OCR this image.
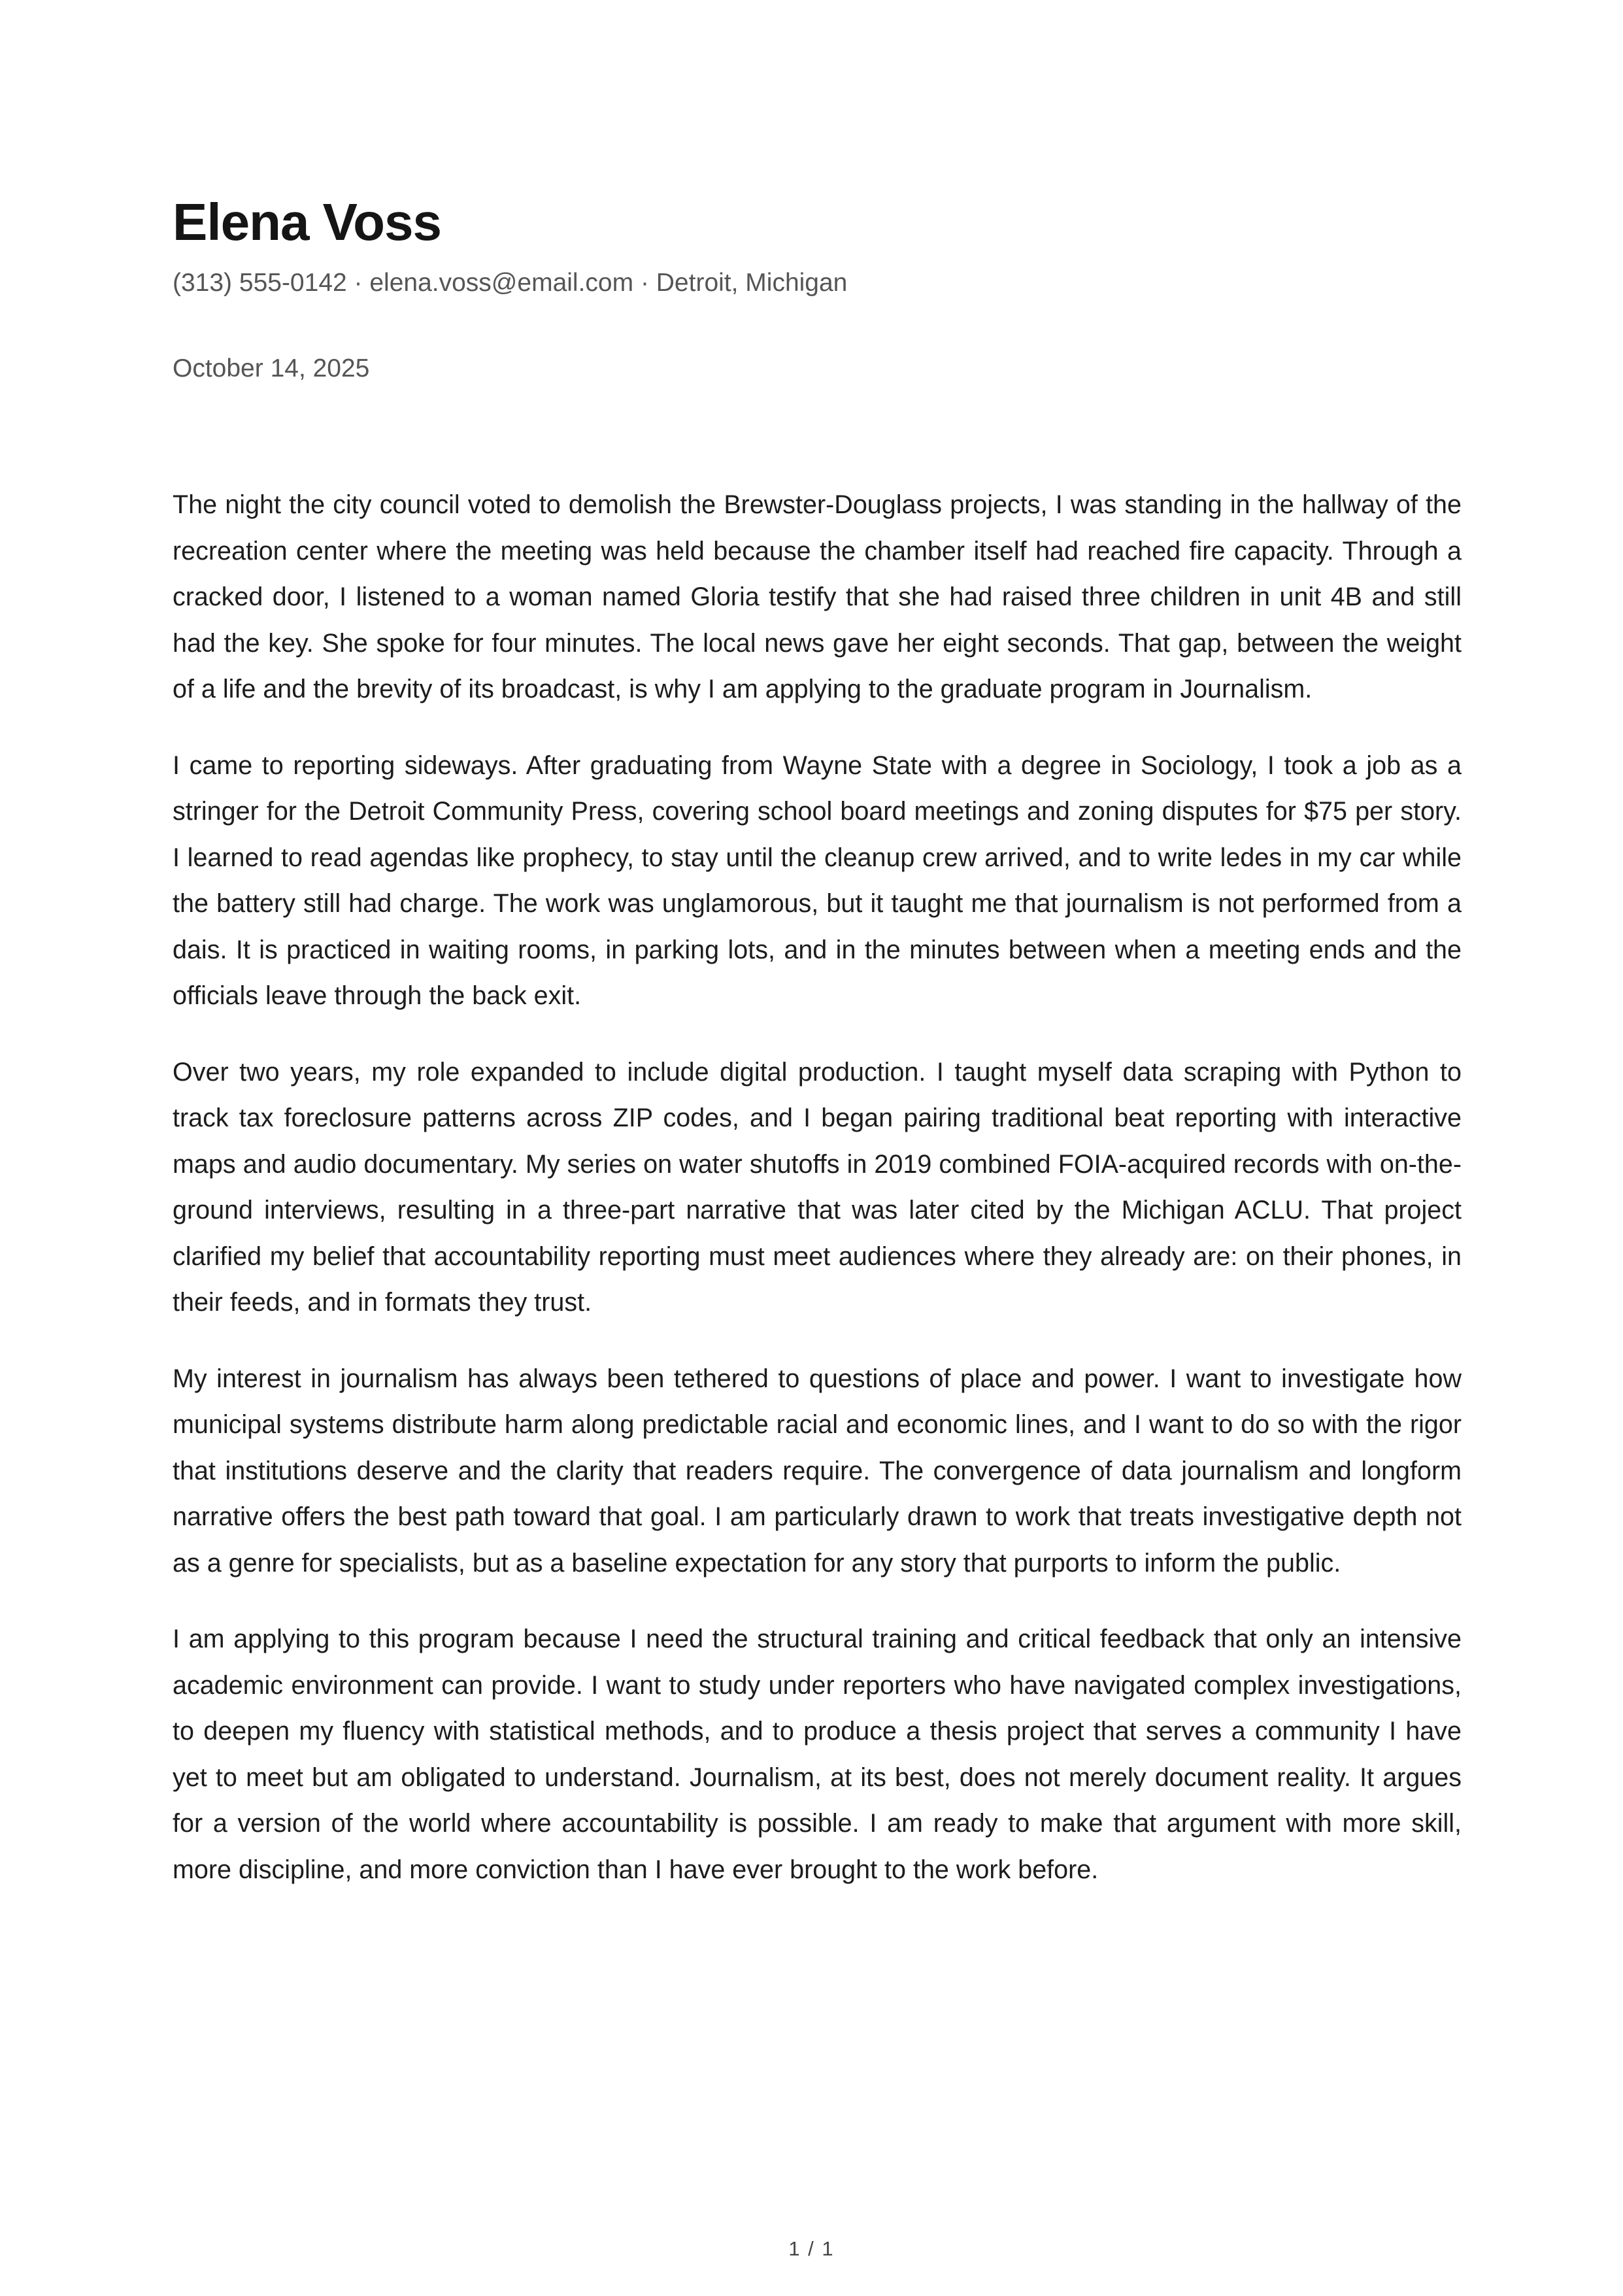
Elena Voss
(313) 555-0142 · elena.voss@email.com · Detroit, Michigan
October 14, 2025

The night the city council voted to demolish the Brewster-Douglass projects, I was standing in the hallway of the recreation center where the meeting was held because the chamber itself had reached fire capacity. Through a cracked door, I listened to a woman named Gloria testify that she had raised three children in unit 4B and still had the key. She spoke for four minutes. The local news gave her eight seconds. That gap, between the weight of a life and the brevity of its broadcast, is why I am applying to the graduate program in Journalism.

I came to reporting sideways. After graduating from Wayne State with a degree in Sociology, I took a job as a stringer for the Detroit Community Press, covering school board meetings and zoning disputes for $75 per story. I learned to read agendas like prophecy, to stay until the cleanup crew arrived, and to write ledes in my car while the battery still had charge. The work was unglamorous, but it taught me that journalism is not performed from a dais. It is practiced in waiting rooms, in parking lots, and in the minutes between when a meeting ends and the officials leave through the back exit.

Over two years, my role expanded to include digital production. I taught myself data scraping with Python to track tax foreclosure patterns across ZIP codes, and I began pairing traditional beat reporting with interactive maps and audio documentary. My series on water shutoffs in 2019 combined FOIA-acquired records with on-the-ground interviews, resulting in a three-part narrative that was later cited by the Michigan ACLU. That project clarified my belief that accountability reporting must meet audiences where they already are: on their phones, in their feeds, and in formats they trust.

My interest in journalism has always been tethered to questions of place and power. I want to investigate how municipal systems distribute harm along predictable racial and economic lines, and I want to do so with the rigor that institutions deserve and the clarity that readers require. The convergence of data journalism and longform narrative offers the best path toward that goal. I am particularly drawn to work that treats investigative depth not as a genre for specialists, but as a baseline expectation for any story that purports to inform the public.

I am applying to this program because I need the structural training and critical feedback that only an intensive academic environment can provide. I want to study under reporters who have navigated complex investigations, to deepen my fluency with statistical methods, and to produce a thesis project that serves a community I have yet to meet but am obligated to understand. Journalism, at its best, does not merely document reality. It argues for a version of the world where accountability is possible. I am ready to make that argument with more skill, more discipline, and more conviction than I have ever brought to the work before.

1 / 1
